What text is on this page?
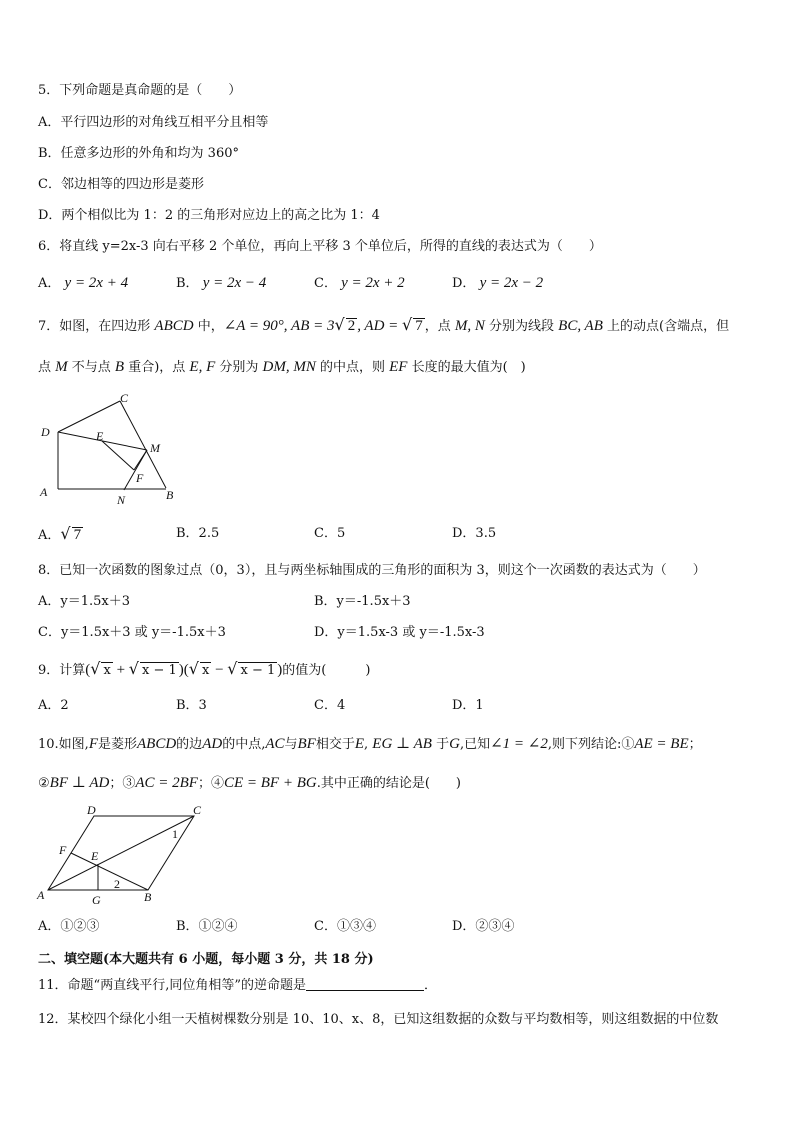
5．下列命题是真命题的是（　　）
A．平行四边形的对角线互相平分且相等
B．任意多边形的外角和均为 360°
C．邻边相等的四边形是菱形
D．两个相似比为 1：2 的三角形对应边上的高之比为 1：4
6．将直线 y=2x-3 向右平移 2 个单位，再向上平移 3 个单位后，所得的直线的表达式为（　　）
A． y = 2x + 4	B． y = 2x − 4	C． y = 2x + 2	D． y = 2x − 2
7．如图，在四边形 ABCD 中，∠A = 90°, AB = 3√ 2 , AD = √ 7 ，点 M, N 分别为线段 BC, AB 上的动点(含端点，但
点 M 不与点 B 重合)，点 E, F 分别为 DM, MN 的中点，则 EF 长度的最大值为(　)
C
D	E
M
F
A
N	B
A．√ 7	B．2.5	C．5	D．3.5
8．已知一次函数的图象过点（0，3），且与两坐标轴围成的三角形的面积为 3，则这个一次函数的表达式为（　　）
A．y＝1.5x＋3	B．y＝-1.5x＋3
C．y＝1.5x＋3 或 y＝-1.5x＋3	D．y＝1.5x-3 或 y＝-1.5x-3
9．计算(√ x + √ x − 1 )(√ x − √ x − 1 )的值为(　　　)
A．2	B．3	C．4	D．1
10.如图,F是菱形ABCD的边AD的中点,AC与BF相交于E, EG ⊥ AB 于G,已知∠1 = ∠2,则下列结论:①AE = BE；
②BF ⊥ AD；③AC = 2BF；④CE = BF + BG.其中正确的结论是(　　)
D	C
1
F E
A	G
2
B
A．①②③	B．①②④	C．①③④	D．②③④
二、填空题(本大题共有 6 小题，每小题 3 分，共 18 分)
11．命题“两直线平行,同位角相等”的逆命题是	．
12．某校四个绿化小组一天植树棵数分别是 10、10、x、8，已知这组数据的众数与平均数相等，则这组数据的中位数
